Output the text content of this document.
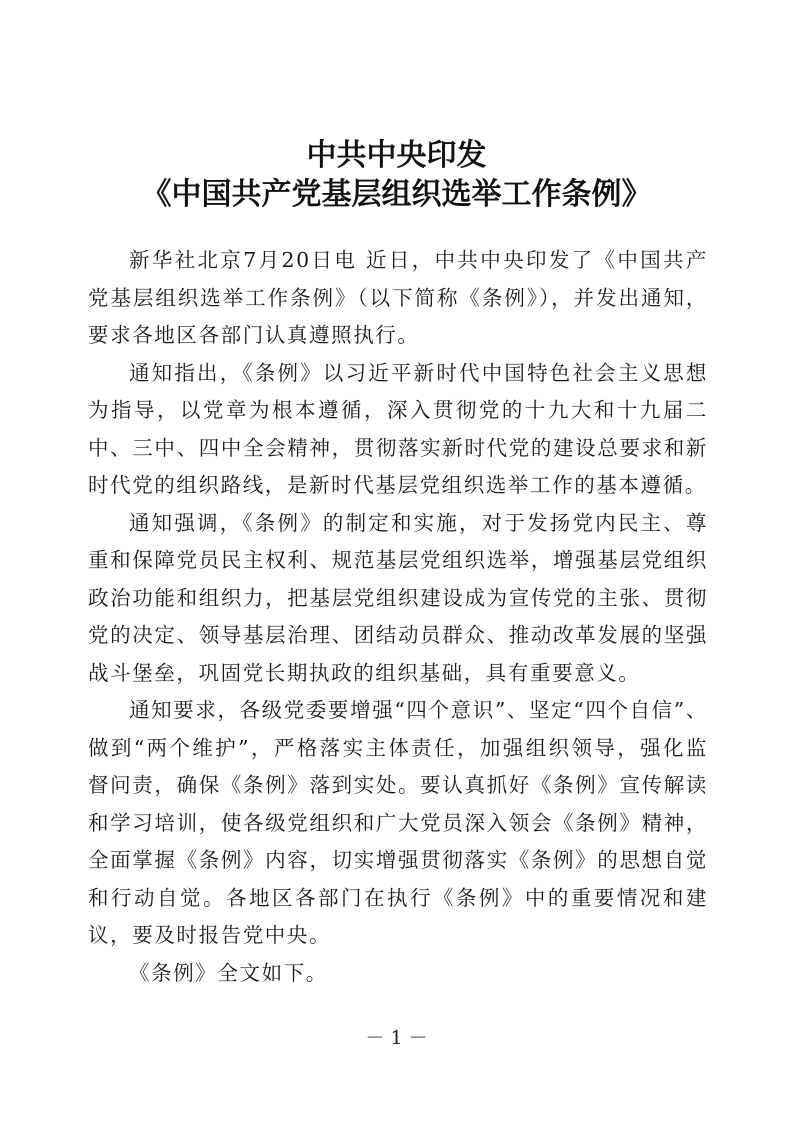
中共中央印发
《中国共产党基层组织选举工作条例》

新华社北京7月20日电 近日，中共中央印发了《中国共产党基层组织选举工作条例》（以下简称《条例》），并发出通知，要求各地区各部门认真遵照执行。

通知指出，《条例》以习近平新时代中国特色社会主义思想为指导，以党章为根本遵循，深入贯彻党的十九大和十九届二中、三中、四中全会精神，贯彻落实新时代党的建设总要求和新时代党的组织路线，是新时代基层党组织选举工作的基本遵循。

通知强调，《条例》的制定和实施，对于发扬党内民主、尊重和保障党员民主权利、规范基层党组织选举，增强基层党组织政治功能和组织力，把基层党组织建设成为宣传党的主张、贯彻党的决定、领导基层治理、团结动员群众、推动改革发展的坚强战斗堡垒，巩固党长期执政的组织基础，具有重要意义。

通知要求，各级党委要增强“四个意识”、坚定“四个自信”、做到“两个维护”，严格落实主体责任，加强组织领导，强化监督问责，确保《条例》落到实处。要认真抓好《条例》宣传解读和学习培训，使各级党组织和广大党员深入领会《条例》精神，全面掌握《条例》内容，切实增强贯彻落实《条例》的思想自觉和行动自觉。各地区各部门在执行《条例》中的重要情况和建议，要及时报告党中央。

《条例》全文如下。

－ 1 －
